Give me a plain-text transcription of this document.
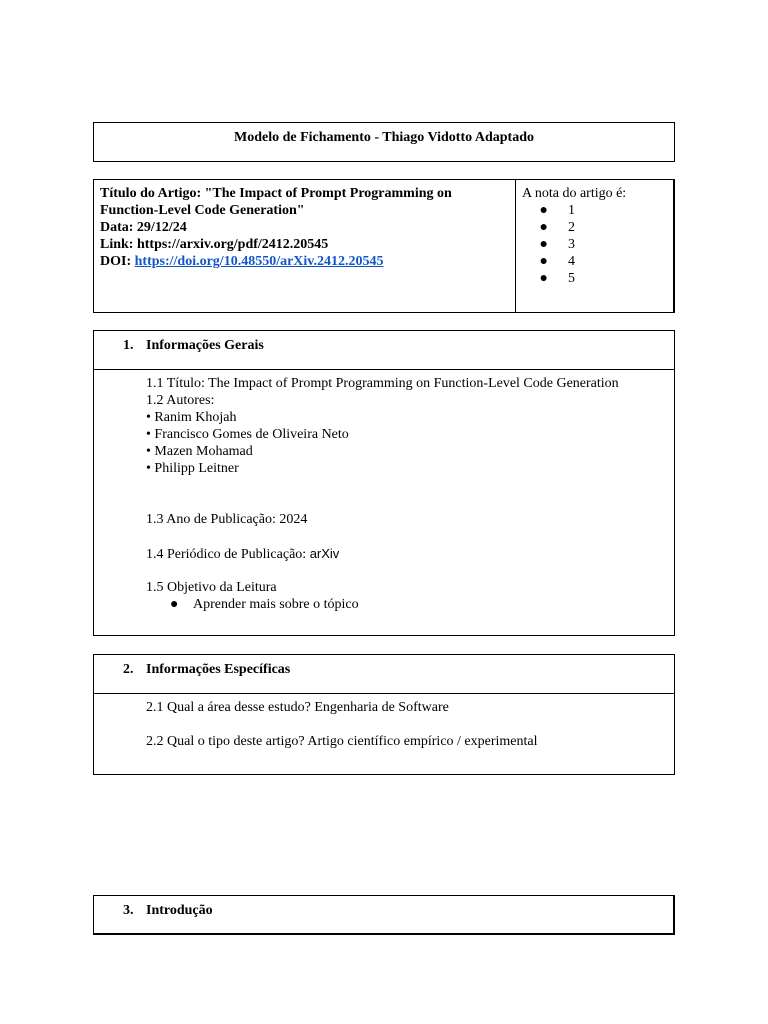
Modelo de Fichamento - Thiago Vidotto Adaptado
Título do Artigo: "The Impact of Prompt Programming on
Function-Level Code Generation"
Data: 29/12/24
Link: https://arxiv.org/pdf/2412.20545
DOI: https://doi.org/10.48550/arXiv.2412.20545
A nota do artigo é:
●	1
●	2
●	3
●	4
●	5
1. Informações Gerais
1.1 Título: The Impact of Prompt Programming on Function-Level Code Generation
1.2 Autores:
• Ranim Khojah
• Francisco Gomes de Oliveira Neto
• Mazen Mohamad
• Philipp Leitner
1.3 Ano de Publicação: 2024
1.4 Periódico de Publicação: arXiv
1.5 Objetivo da Leitura
●	Aprender mais sobre o tópico
2. Informações Específicas
2.1 Qual a área desse estudo? Engenharia de Software
2.2 Qual o tipo deste artigo? Artigo científico empírico / experimental
3. Introdução
